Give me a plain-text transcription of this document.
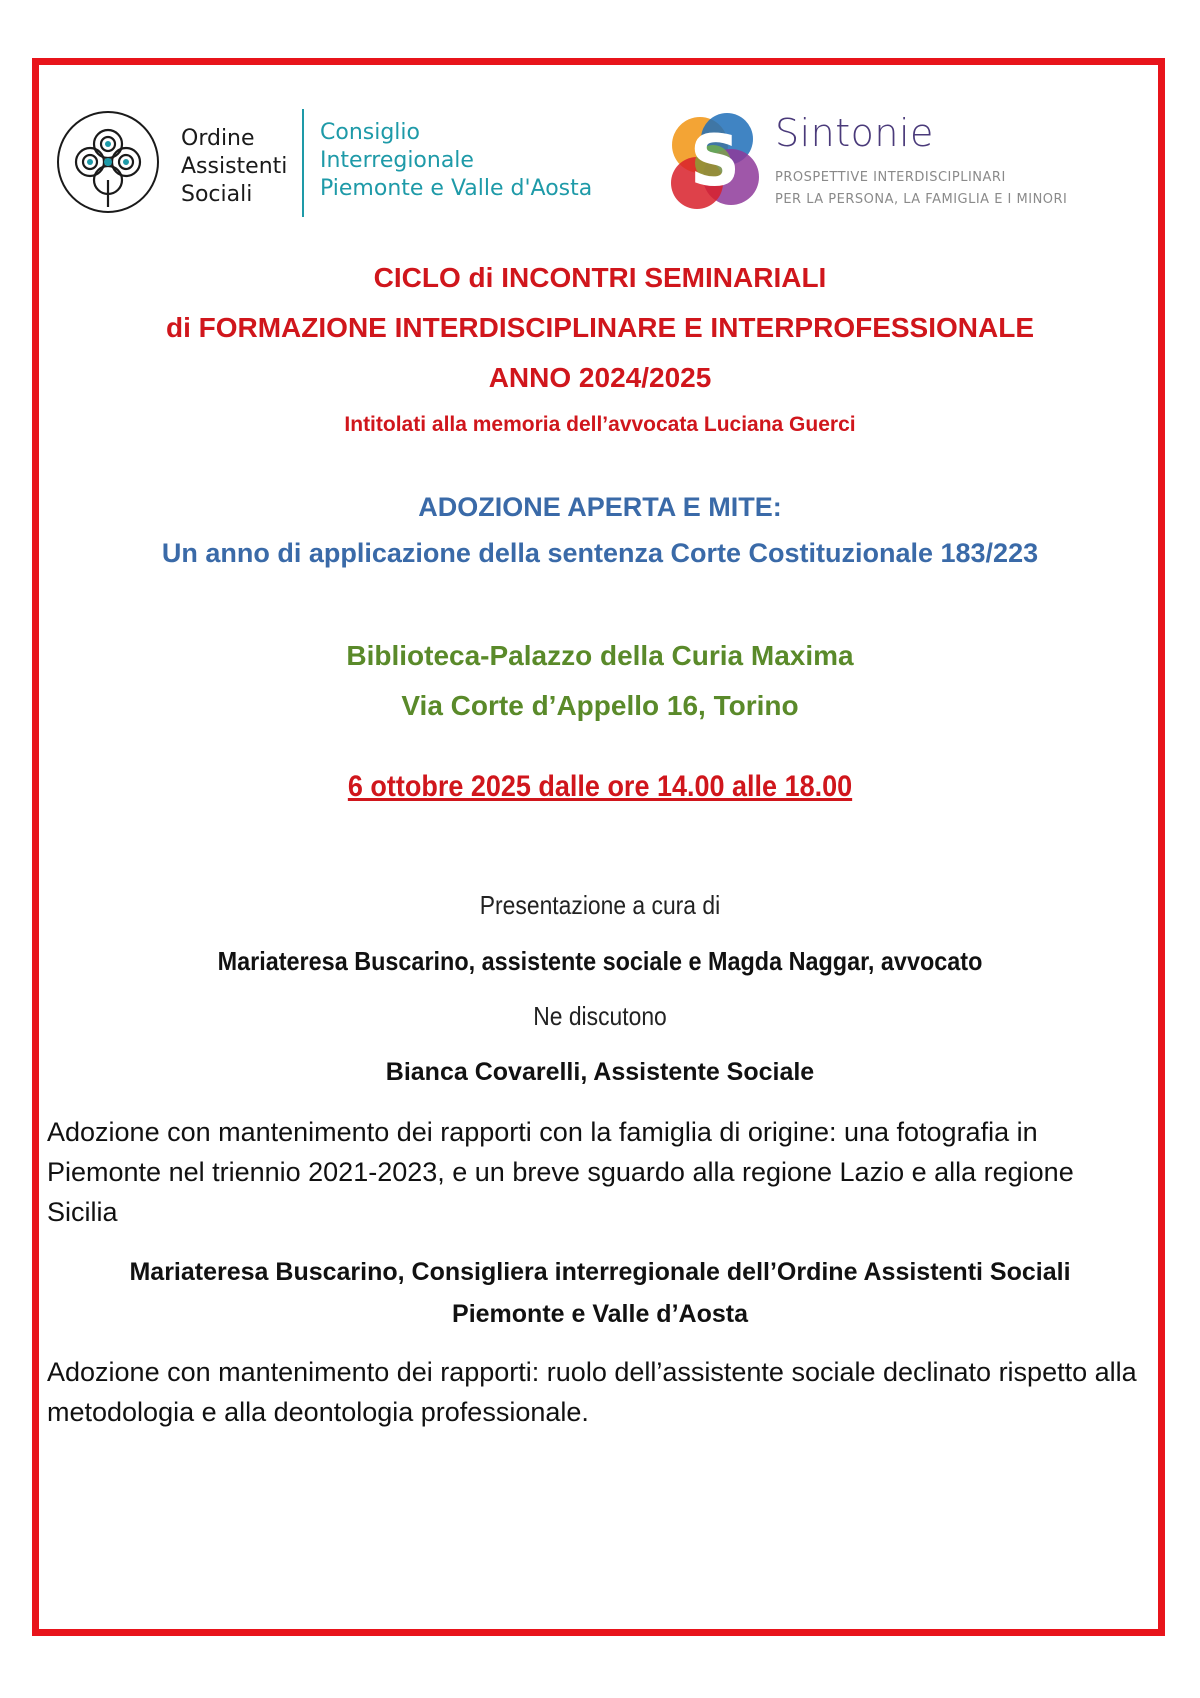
Ordine
Assistenti
Sociali
Consiglio
Interregionale
Piemonte e Valle d'Aosta S Sintonie
PROSPETTIVE INTERDISCIPLINARI
PER LA PERSONA, LA FAMIGLIA E I MINORI
CICLO di INCONTRI SEMINARIALI
di FORMAZIONE INTERDISCIPLINARE E INTERPROFESSIONALE
ANNO 2024/2025
Intitolati alla memoria dell’avvocata Luciana Guerci
ADOZIONE APERTA E MITE:
Un anno di applicazione della sentenza Corte Costituzionale 183/223
Biblioteca-Palazzo della Curia Maxima
Via Corte d’Appello 16, Torino
6 ottobre 2025 dalle ore 14.00 alle 18.00
Presentazione a cura di
Mariateresa Buscarino, assistente sociale e Magda Naggar, avvocato
Ne discutono
Bianca Covarelli, Assistente Sociale
Adozione con mantenimento dei rapporti con la famiglia di origine: una fotografia in Piemonte nel triennio 2021-2023, e un breve sguardo alla regione Lazio e alla regione Sicilia
Mariateresa Buscarino, Consigliera interregionale dell’Ordine Assistenti Sociali
Piemonte e Valle d’Aosta
Adozione con mantenimento dei rapporti: ruolo dell’assistente sociale declinato rispetto alla metodologia e alla deontologia professionale.
